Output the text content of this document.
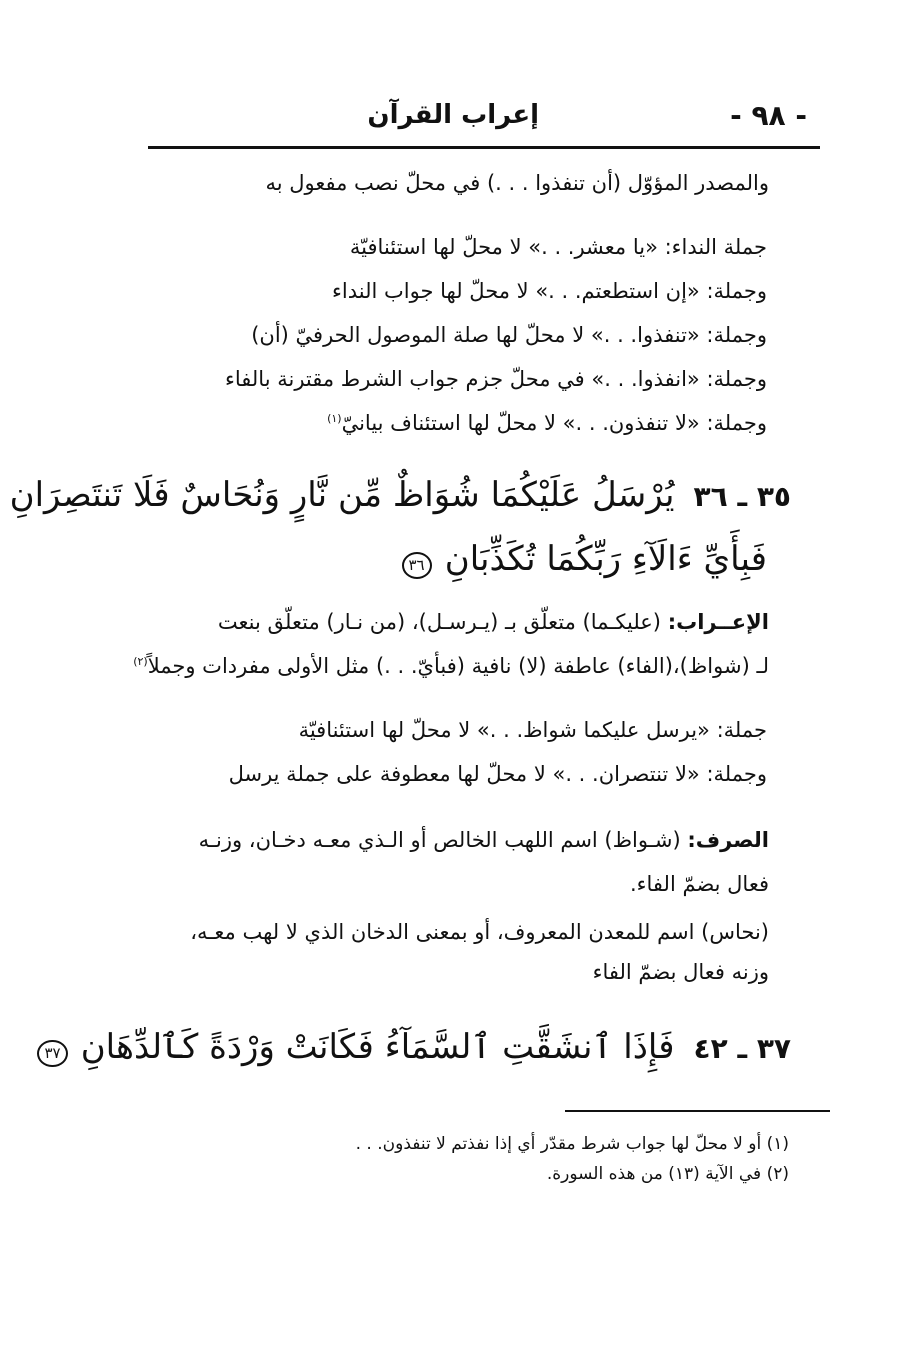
إعراب القرآن	- ٩٨ -
والمصدر المؤوّل (أن تنفذوا . . .) في محلّ نصب مفعول به
جملة النداء: «يا معشر. . .» لا محلّ لها استئنافيّة
وجملة: «إن استطعتم. . .» لا محلّ لها جواب النداء
وجملة: «تنفذوا. . .» لا محلّ لها صلة الموصول الحرفيّ (أن)
وجملة: «انفذوا. . .» في محلّ جزم جواب الشرط مقترنة بالفاء
وجملة: «لا تنفذون. . .» لا محلّ لها استئناف بيانيّ$^{(١)}$
٣٥ ـ ٣٦ يُرْسَلُ عَلَيْكُمَا شُوَاظٌ مِّن نَّارٍ وَنُحَاسٌ فَلَا تَنتَصِرَانِ
فَبِأَيِّ ءَالَآءِ رَبِّكُمَا تُكَذِّبَانِ ٣٦
الإعــراب: (عليكـما) متعلّق بـ (يـرسـل)، (من نـار) متعلّق بنعت
لـ (شواظ)،(الفاء) عاطفة (لا) نافية (فبأيّ. . .) مثل الأولى مفردات وجملاً$^{(٢)}$
جملة: «يرسل عليكما شواظ. . .» لا محلّ لها استئنافيّة
وجملة: «لا تنتصران. . .» لا محلّ لها معطوفة على جملة يرسل
الصرف: (شـواظ) اسم اللهب الخالص أو الـذي معـه دخـان، وزنـه
فعال بضمّ الفاء.
(نحاس) اسم للمعدن المعروف، أو بمعنى الدخان الذي لا لهب معـه،
وزنه فعال بضمّ الفاء
٣٧ ـ ٤٢ فَإِذَا ٱنشَقَّتِ ٱلسَّمَآءُ فَكَانَتْ وَرْدَةً كَٱلدِّهَانِ ٣٧
(١) أو لا محلّ لها جواب شرط مقدّر أي إذا نفذتم لا تنفذون. . .
(٢) في الآية (١٣) من هذه السورة.
